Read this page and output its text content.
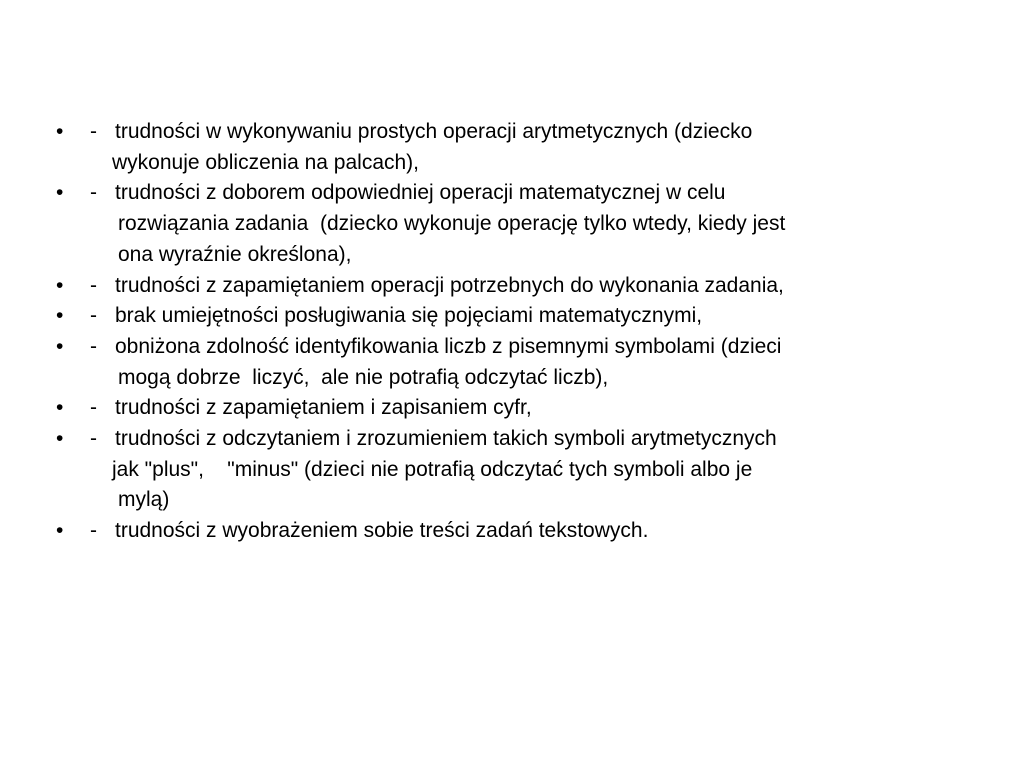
• - trudności w wykonywaniu prostych operacji arytmetycznych (dziecko
wykonuje obliczenia na palcach),
• - trudności z doborem odpowiedniej operacji matematycznej w celu
rozwiązania zadania  (dziecko wykonuje operację tylko wtedy, kiedy jest
ona wyraźnie określona),
• - trudności z zapamiętaniem operacji potrzebnych do wykonania zadania,
• - brak umiejętności posługiwania się pojęciami matematycznymi,
• - obniżona zdolność identyfikowania liczb z pisemnymi symbolami (dzieci
mogą dobrze  liczyć,  ale nie potrafią odczytać liczb),
• - trudności z zapamiętaniem i zapisaniem cyfr,
• - trudności z odczytaniem i zrozumieniem takich symboli arytmetycznych
jak "plus",    "minus" (dzieci nie potrafią odczytać tych symboli albo je
mylą)
• - trudności z wyobrażeniem sobie treści zadań tekstowych.
